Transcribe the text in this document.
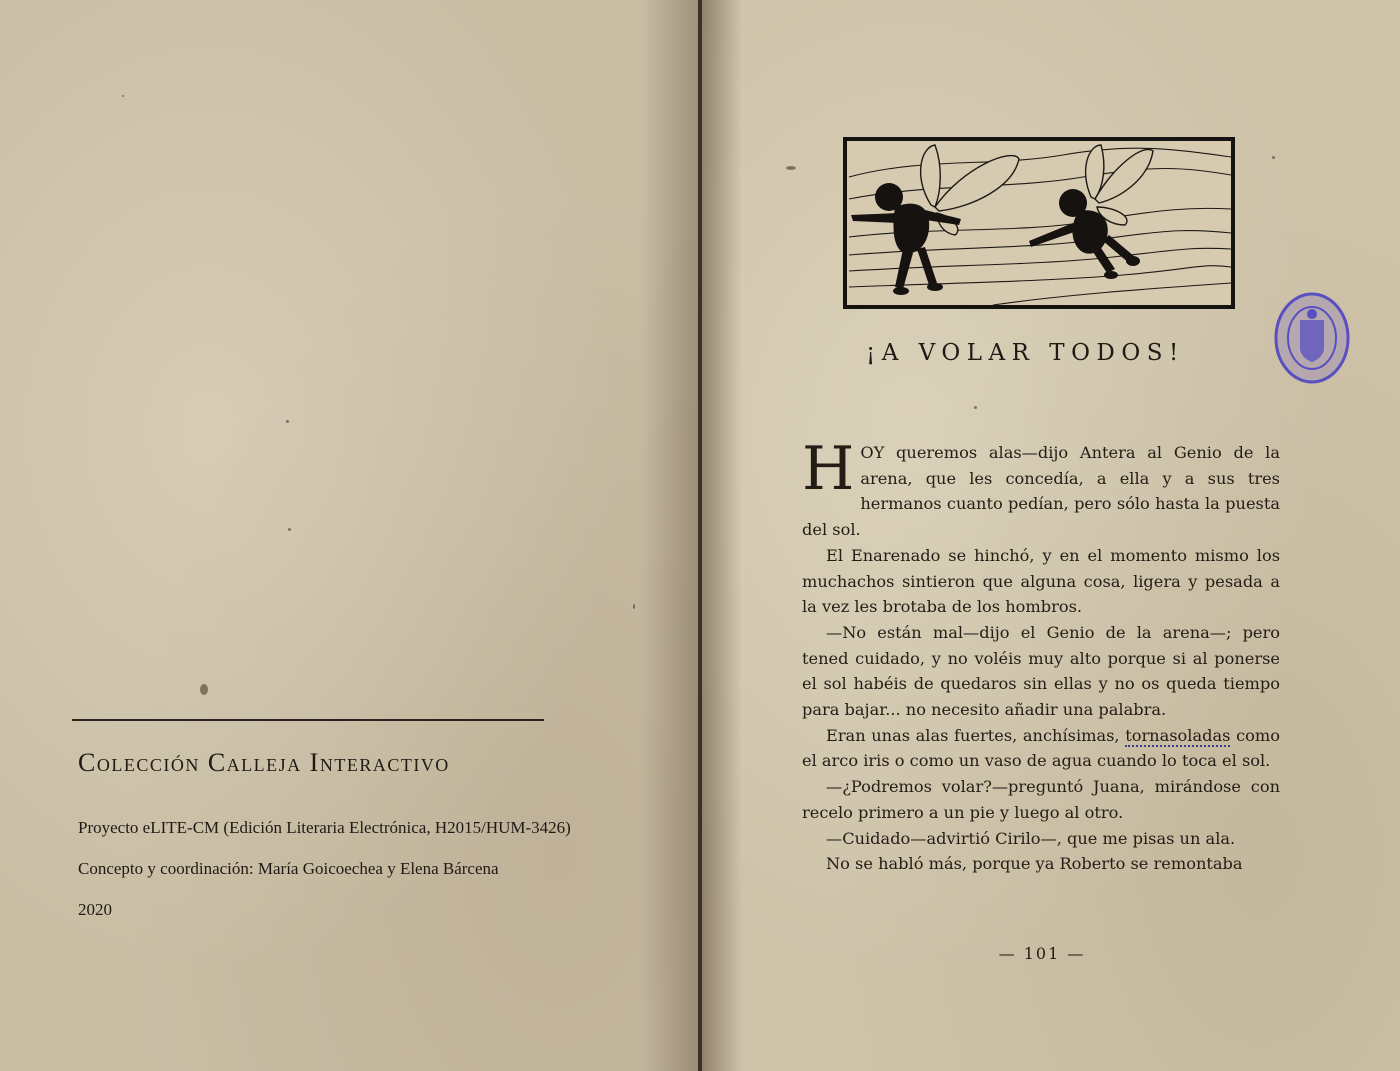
Colección Calleja Interactivo

Proyecto eLITE-CM (Edición Literaria Electrónica, H2015/HUM-3426)

Concepto y coordinación: María Goicoechea y Elena Bárcena

2020

¡A VOLAR TODOS!

HOY queremos alas—dijo Antera al Genio de la arena, que les concedía, a ella y a sus tres hermanos cuanto pedían, pero sólo hasta la puesta del sol.

El Enarenado se hinchó, y en el momento mismo los muchachos sintieron que alguna cosa, ligera y pesada a la vez les brotaba de los hombros.

—No están mal—dijo el Genio de la arena—; pero tened cuidado, y no voléis muy alto porque si al ponerse el sol habéis de quedaros sin ellas y no os queda tiempo para bajar... no necesito añadir una palabra.

Eran unas alas fuertes, anchísimas, tornasoladas como el arco iris o como un vaso de agua cuando lo toca el sol.

—¿Podremos volar?—preguntó Juana, mirándose con recelo primero a un pie y luego al otro.

—Cuidado—advirtió Cirilo—, que me pisas un ala.

No se habló más, porque ya Roberto se remontaba

— 101 —
